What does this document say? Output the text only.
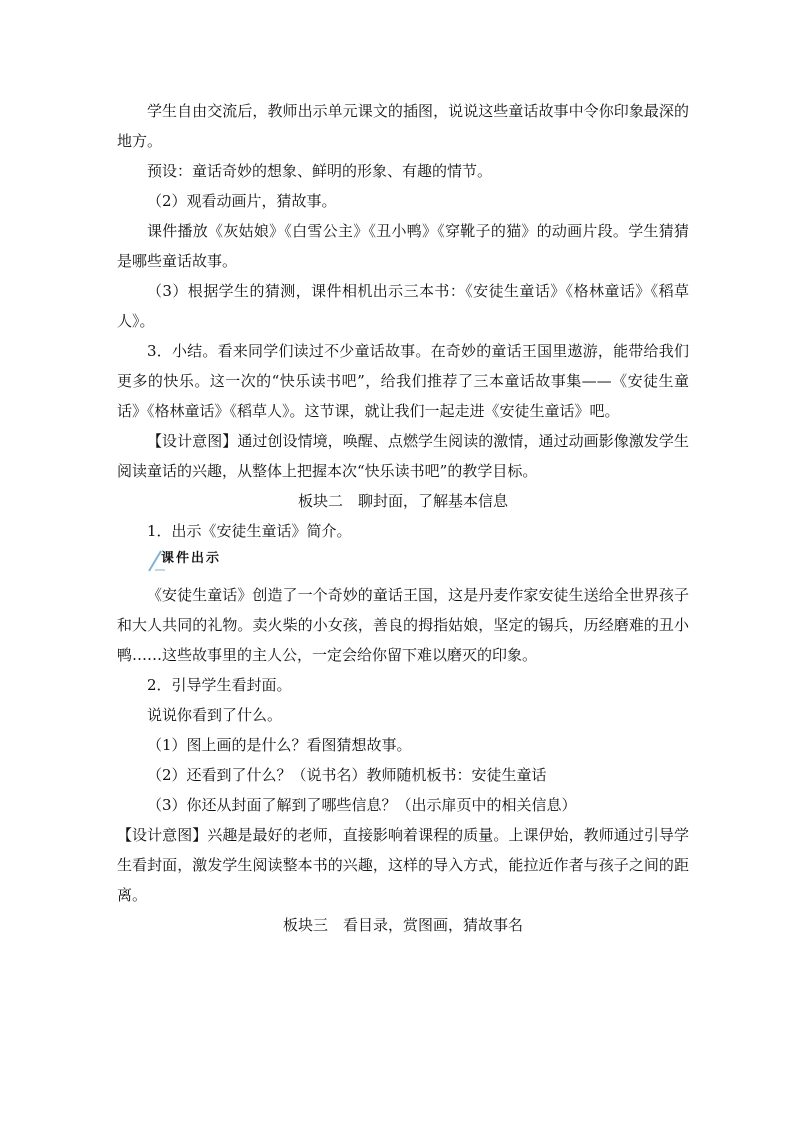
学生自由交流后，教师出示单元课文的插图，说说这些童话故事中令你印象最深的地方。

预设：童话奇妙的想象、鲜明的形象、有趣的情节。

（2）观看动画片，猜故事。

课件播放《灰姑娘》《白雪公主》《丑小鸭》《穿靴子的猫》的动画片段。学生猜猜是哪些童话故事。

（3）根据学生的猜测，课件相机出示三本书：《安徒生童话》《格林童话》《稻草人》。

3．小结。看来同学们读过不少童话故事。在奇妙的童话王国里遨游，能带给我们更多的快乐。这一次的“快乐读书吧”，给我们推荐了三本童话故事集——《安徒生童话》《格林童话》《稻草人》。这节课，就让我们一起走进《安徒生童话》吧。

【设计意图】通过创设情境，唤醒、点燃学生阅读的激情，通过动画影像激发学生阅读童话的兴趣，从整体上把握本次“快乐读书吧”的教学目标。

板块二　聊封面，了解基本信息

1．出示《安徒生童话》简介。

课件出示

《安徒生童话》创造了一个奇妙的童话王国，这是丹麦作家安徒生送给全世界孩子和大人共同的礼物。卖火柴的小女孩，善良的拇指姑娘，坚定的锡兵，历经磨难的丑小鸭……这些故事里的主人公，一定会给你留下难以磨灭的印象。

2．引导学生看封面。

说说你看到了什么。

（1）图上画的是什么？看图猜想故事。

（2）还看到了什么？（说书名）教师随机板书：安徒生童话

（3）你还从封面了解到了哪些信息？（出示扉页中的相关信息）

【设计意图】兴趣是最好的老师，直接影响着课程的质量。上课伊始，教师通过引导学生看封面，激发学生阅读整本书的兴趣，这样的导入方式，能拉近作者与孩子之间的距离。

板块三　看目录，赏图画，猜故事名
